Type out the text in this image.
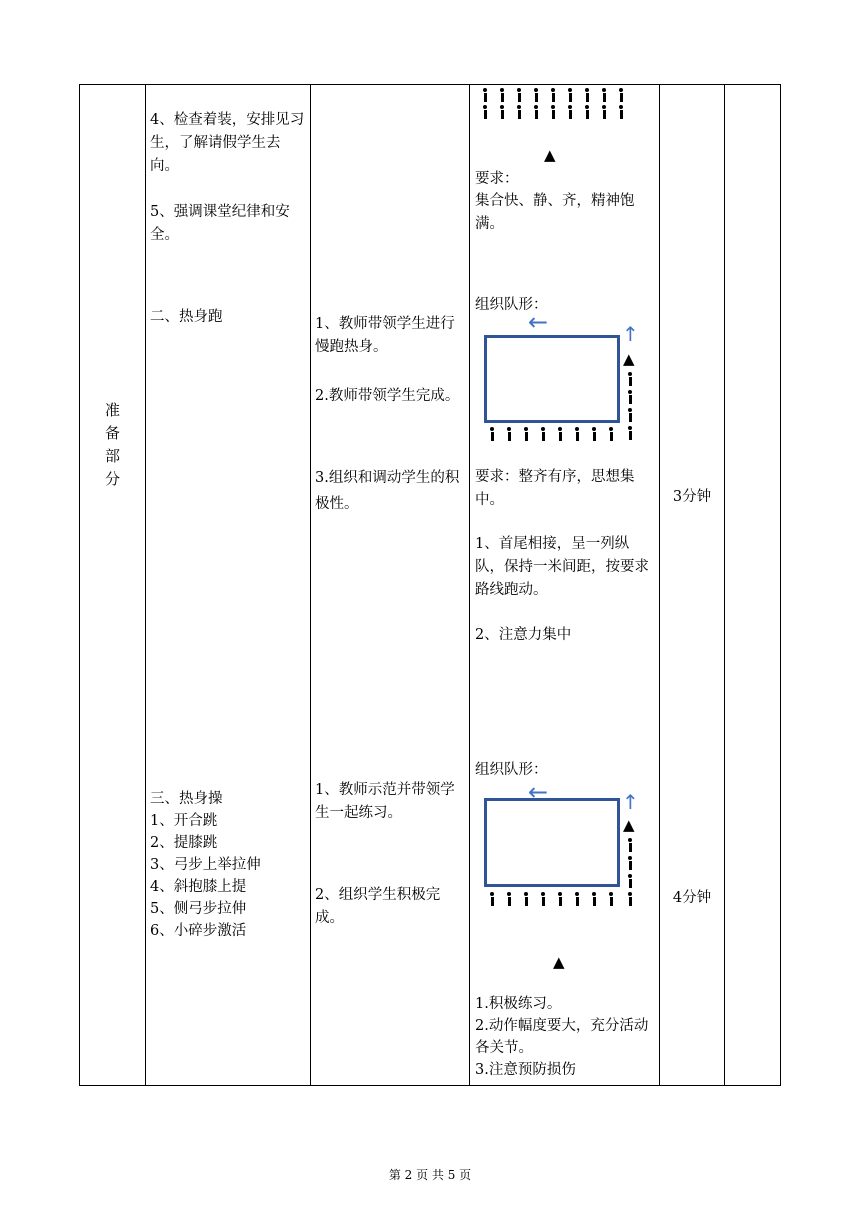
准
备
部
分
4、检查着装，安排见习生，了解请假学生去向。
5、强调课堂纪律和安全。
二、热身跑
三、热身操
1、开合跳
2、提膝跳
3、弓步上举拉伸
4、斜抱膝上提
5、侧弓步拉伸
6、小碎步激活
1、教师带领学生进行慢跑热身。
2.教师带领学生完成。
3.组织和调动学生的积极性。
1、教师示范并带领学生一起练习。
2、组织学生积极完成。
▲
要求：
集合快、静、齐，精神饱满。
组织队形：
←	↑
▲
要求：整齐有序，思想集中。
1、首尾相接，呈一列纵队，保持一米间距，按要求路线跑动。
2、注意力集中
组织队形：
←	↑
▲
▲
1.积极练习。
2.动作幅度要大，充分活动各关节。
3.注意预防损伤
3分钟
4分钟
第 2 页 共 5 页
